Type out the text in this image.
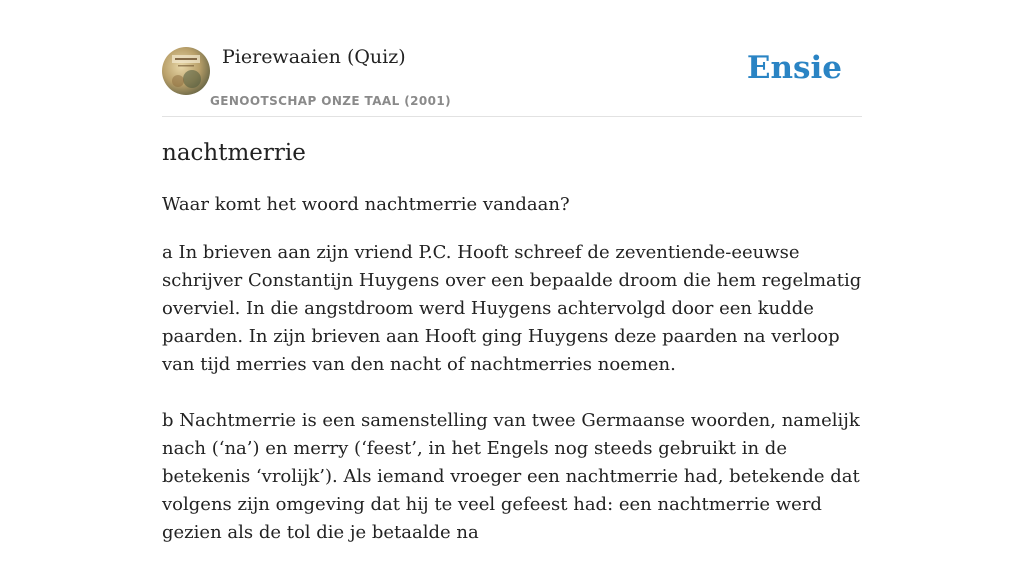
Pierewaaien (Quiz)
GENOOTSCHAP ONZE TAAL (2001)
Ensie
nachtmerrie
Waar komt het woord nachtmerrie vandaan?

a In brieven aan zijn vriend P.C. Hooft schreef de zeventiende-eeuwse schrijver Constantijn Huygens over een bepaalde droom die hem regelmatig overviel. In die angstdroom werd Huygens achtervolgd door een kudde paarden. In zijn brieven aan Hooft ging Huygens deze paarden na verloop van tijd merries van den nacht of nachtmerries noemen.

b Nachtmerrie is een samenstelling van twee Germaanse woorden, namelijk nach (‘na’) en merry (‘feest’, in het Engels nog steeds gebruikt in de betekenis ‘vrolijk’). Als iemand vroeger een nachtmerrie had, betekende dat volgens zijn omgeving dat hij te veel gefeest had: een nachtmerrie werd gezien als de tol die je betaalde na
